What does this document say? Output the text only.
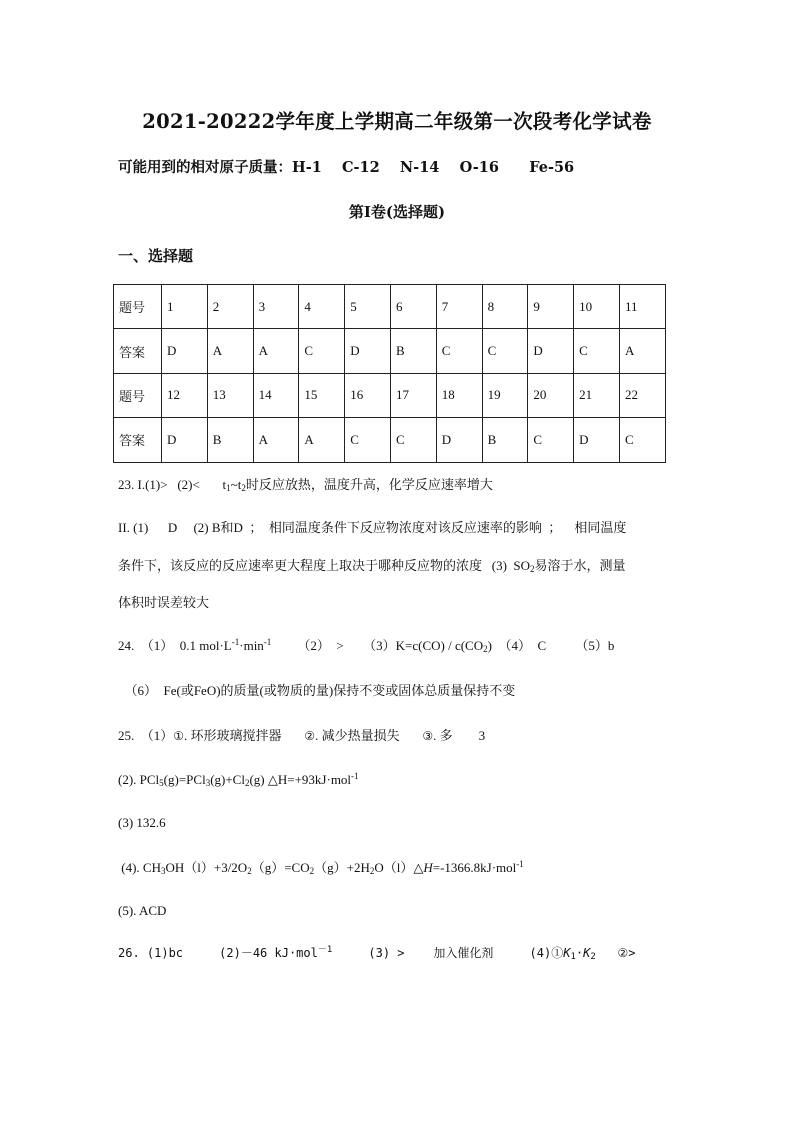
2021-20222学年度上学期高二年级第一次段考化学试卷
可能用到的相对原子质量：H-1    C-12    N-14    O-16      Fe-56
第Ⅰ卷(选择题)
一、选择题
题号	1	2	3	4	5	6	7	8	9	10	11
答案	D	A	A	C	D	B	C	C	D	C	A
题号	12	13	14	15	16	17	18	19	20	21	22
答案	D	B	A	A	C	C	D	B	C	D	C
23. I.(1)>   (2)<       $t_1\sim t_2$时反应放热，温度升高，化学反应速率增大
II. (1)      D     (2) B和D  ；  相同温度条件下反应物浓度对该反应速率的影响  ；    相同温度
条件下，该反应的反应速率更大程度上取决于哪种反应物的浓度   (3)  $SO_2$易溶于水，测量
体积时误差较大
24.  （1）  0.1 $mol\cdot L^{-1}\cdot\min^{-1}$        （2）  >      $(3)K=c(CO) / c(CO_2)$  （4）  C         （5）b
（6）  Fe(或FeO)的质量(或物质的量)保持不变或固体总质量保持不变
25.  （1）①. 环形玻璃搅拌器       ②. 减少热量损失       ③. 多        3
(2). $PCl_5(g)=PCl_3(g)+Cl_2(g)$ △H=+93kJ·mol$^{-1}$
(3) 132.6
(4). $CH_3OH(l)+3/2O_2(g)=CO_2(g)+2H_2O(l)\triangle H=-1366.8kJ\cdot mol^{-1}$
(5). ACD
26. (1)bc     (2)－46 kJ·mol$^{-1}$     (3) >    加入催化剂     $(4)①K_1\cdot K_2$ ②>
